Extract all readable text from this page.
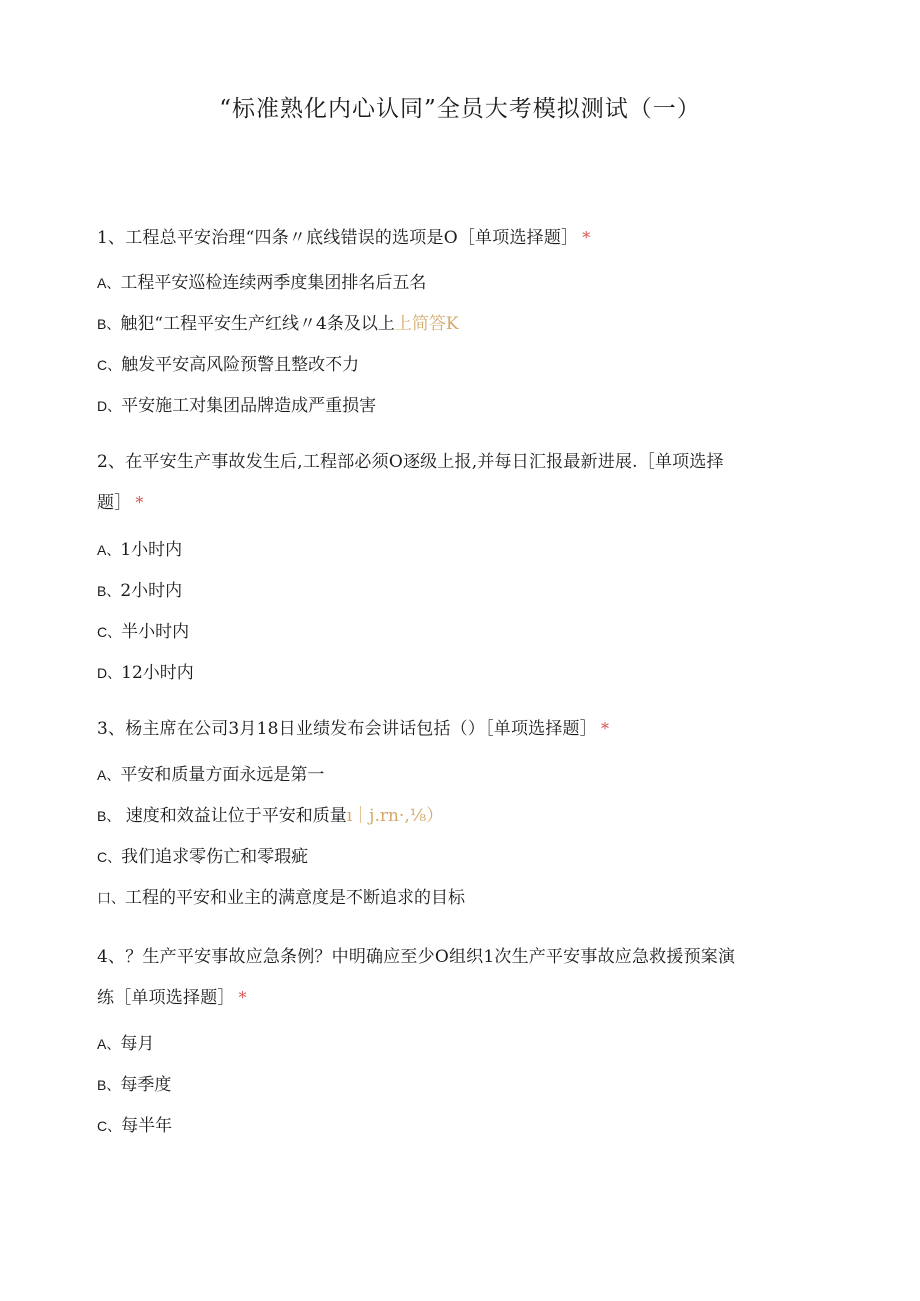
“标准熟化内心认同”全员大考模拟测试（一）
1、工程总平安治理“四条〃底线错误的选项是O［单项选择题］ *
A、工程平安巡检连续两季度集团排名后五名
B、触犯“工程平安生产红线〃4条及以上上简答K
C、触发平安高风险预警且整改不力
D、平安施工对集团品牌造成严重损害
2、在平安生产事故发生后,工程部必须O逐级上报,并每日汇报最新进展.［单项选择
题］ *
A、1小时内
B、2小时内
C、半小时内
D、12小时内
3、杨主席在公司3月18日业绩发布会讲话包括（）［单项选择题］ *
A、平安和质量方面永远是第一
B、 速度和效益让位于平安和质量ı｜j.rn·,⅛）
C、我们追求零伤亡和零瑕疵
口、工程的平安和业主的满意度是不断追求的目标
4、？生产平安事故应急条例？中明确应至少O组织1次生产平安事故应急救援预案演
练［单项选择题］ *
A、每月
B、每季度
C、每半年
